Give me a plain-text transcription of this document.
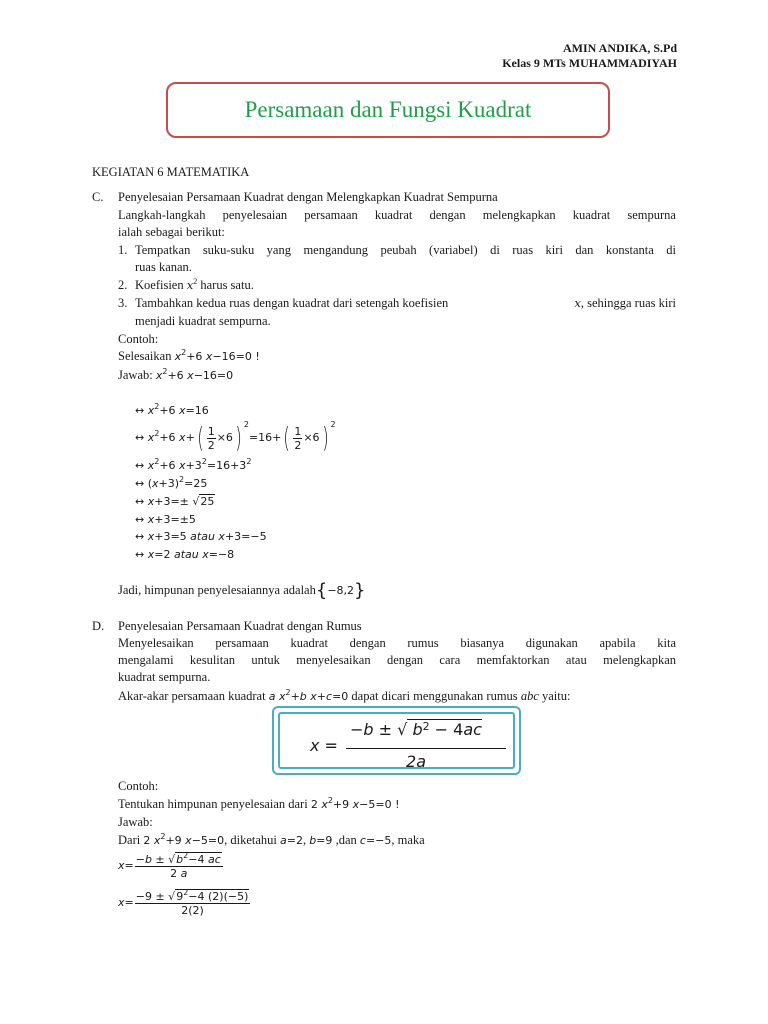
AMIN ANDIKA, S.Pd
Kelas 9 MTs MUHAMMADIYAH
Persamaan dan Fungsi Kuadrat
KEGIATAN 6 MATEMATIKA
C. Penyelesaian Persamaan Kuadrat dengan Melengkapkan Kuadrat Sempurna
Langkah-langkah penyelesaian persamaan kuadrat dengan melengkapkan kuadrat sempurna
ialah sebagai berikut:
1. Tempatkan suku-suku yang mengandung peubah (variabel) di ruas kiri dan konstanta di
ruas kanan.
2. Koefisien $x^2$ harus satu.
3. Tambahkan kedua ruas dengan kuadrat dari setengah koefisien	x, sehingga ruas kiri
menjadi kuadrat sempurna.
Contoh:
Selesaikan $x^2+6$ x−16=0 !
Jawab: $x^2+6$ x−16=0
↔ $x^2+6$ x=16
↔ $x^2+6$ $x+( \frac{1}{2} \times 6)$ $^2=16+( \frac{1}{2} \times 6)$ $^2$
↔ $x^2+6$ $x+3^2=16+3^2$
↔ $(x+3)^2=25$
↔ x+3=± √25
↔ x+3=±5
↔ x+3=5 atau x+3=−5
↔ x=2 atau x=−8
Jadi, himpunan penyelesaiannya adalah{−8,2}
D. Penyelesaian Persamaan Kuadrat dengan Rumus
Menyelesaikan persamaan kuadrat dengan rumus biasanya digunakan apabila kita
mengalami kesulitan untuk menyelesaikan dengan cara memfaktorkan atau melengkapkan
kuadrat sempurna.
Akar-akar persamaan kuadrat a $x^2+b$ x+c=0 dapat dicari menggunakan rumus abc yaitu:
x =
−b ± √ $b^2 - 4ac$
2a
Contoh:
Tentukan himpunan penyelesaian dari 2 $x^2+9$ x−5=0 !
Jawab:
Dari 2 $x^2+9$ x−5=0, diketahui a=2, b=9 ,dan c=−5, maka
$x= \frac{-b \pm √b^2-4 ac}{2 a}$
$x= \frac{-9 \pm √9^2-4 (2)(-5)}{2(2)}$
